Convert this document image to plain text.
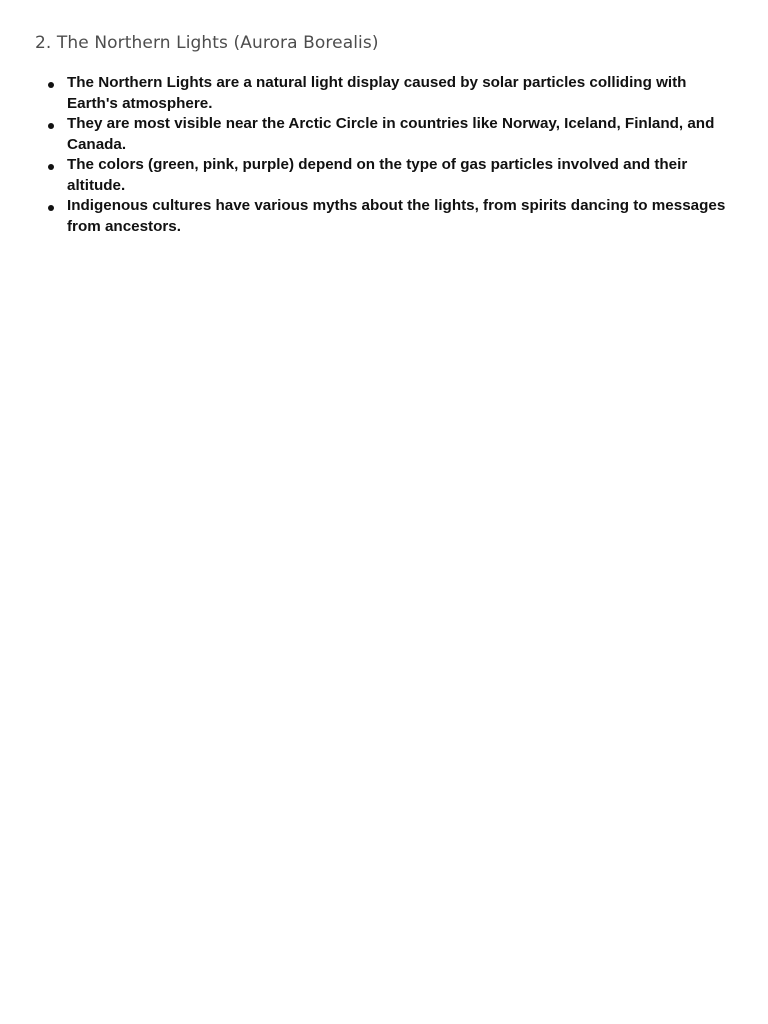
2. The Northern Lights (Aurora Borealis)
The Northern Lights are a natural light display caused by solar particles colliding with Earth's atmosphere.
They are most visible near the Arctic Circle in countries like Norway, Iceland, Finland, and Canada.
The colors (green, pink, purple) depend on the type of gas particles involved and their altitude.
Indigenous cultures have various myths about the lights, from spirits dancing to messages from ancestors.
